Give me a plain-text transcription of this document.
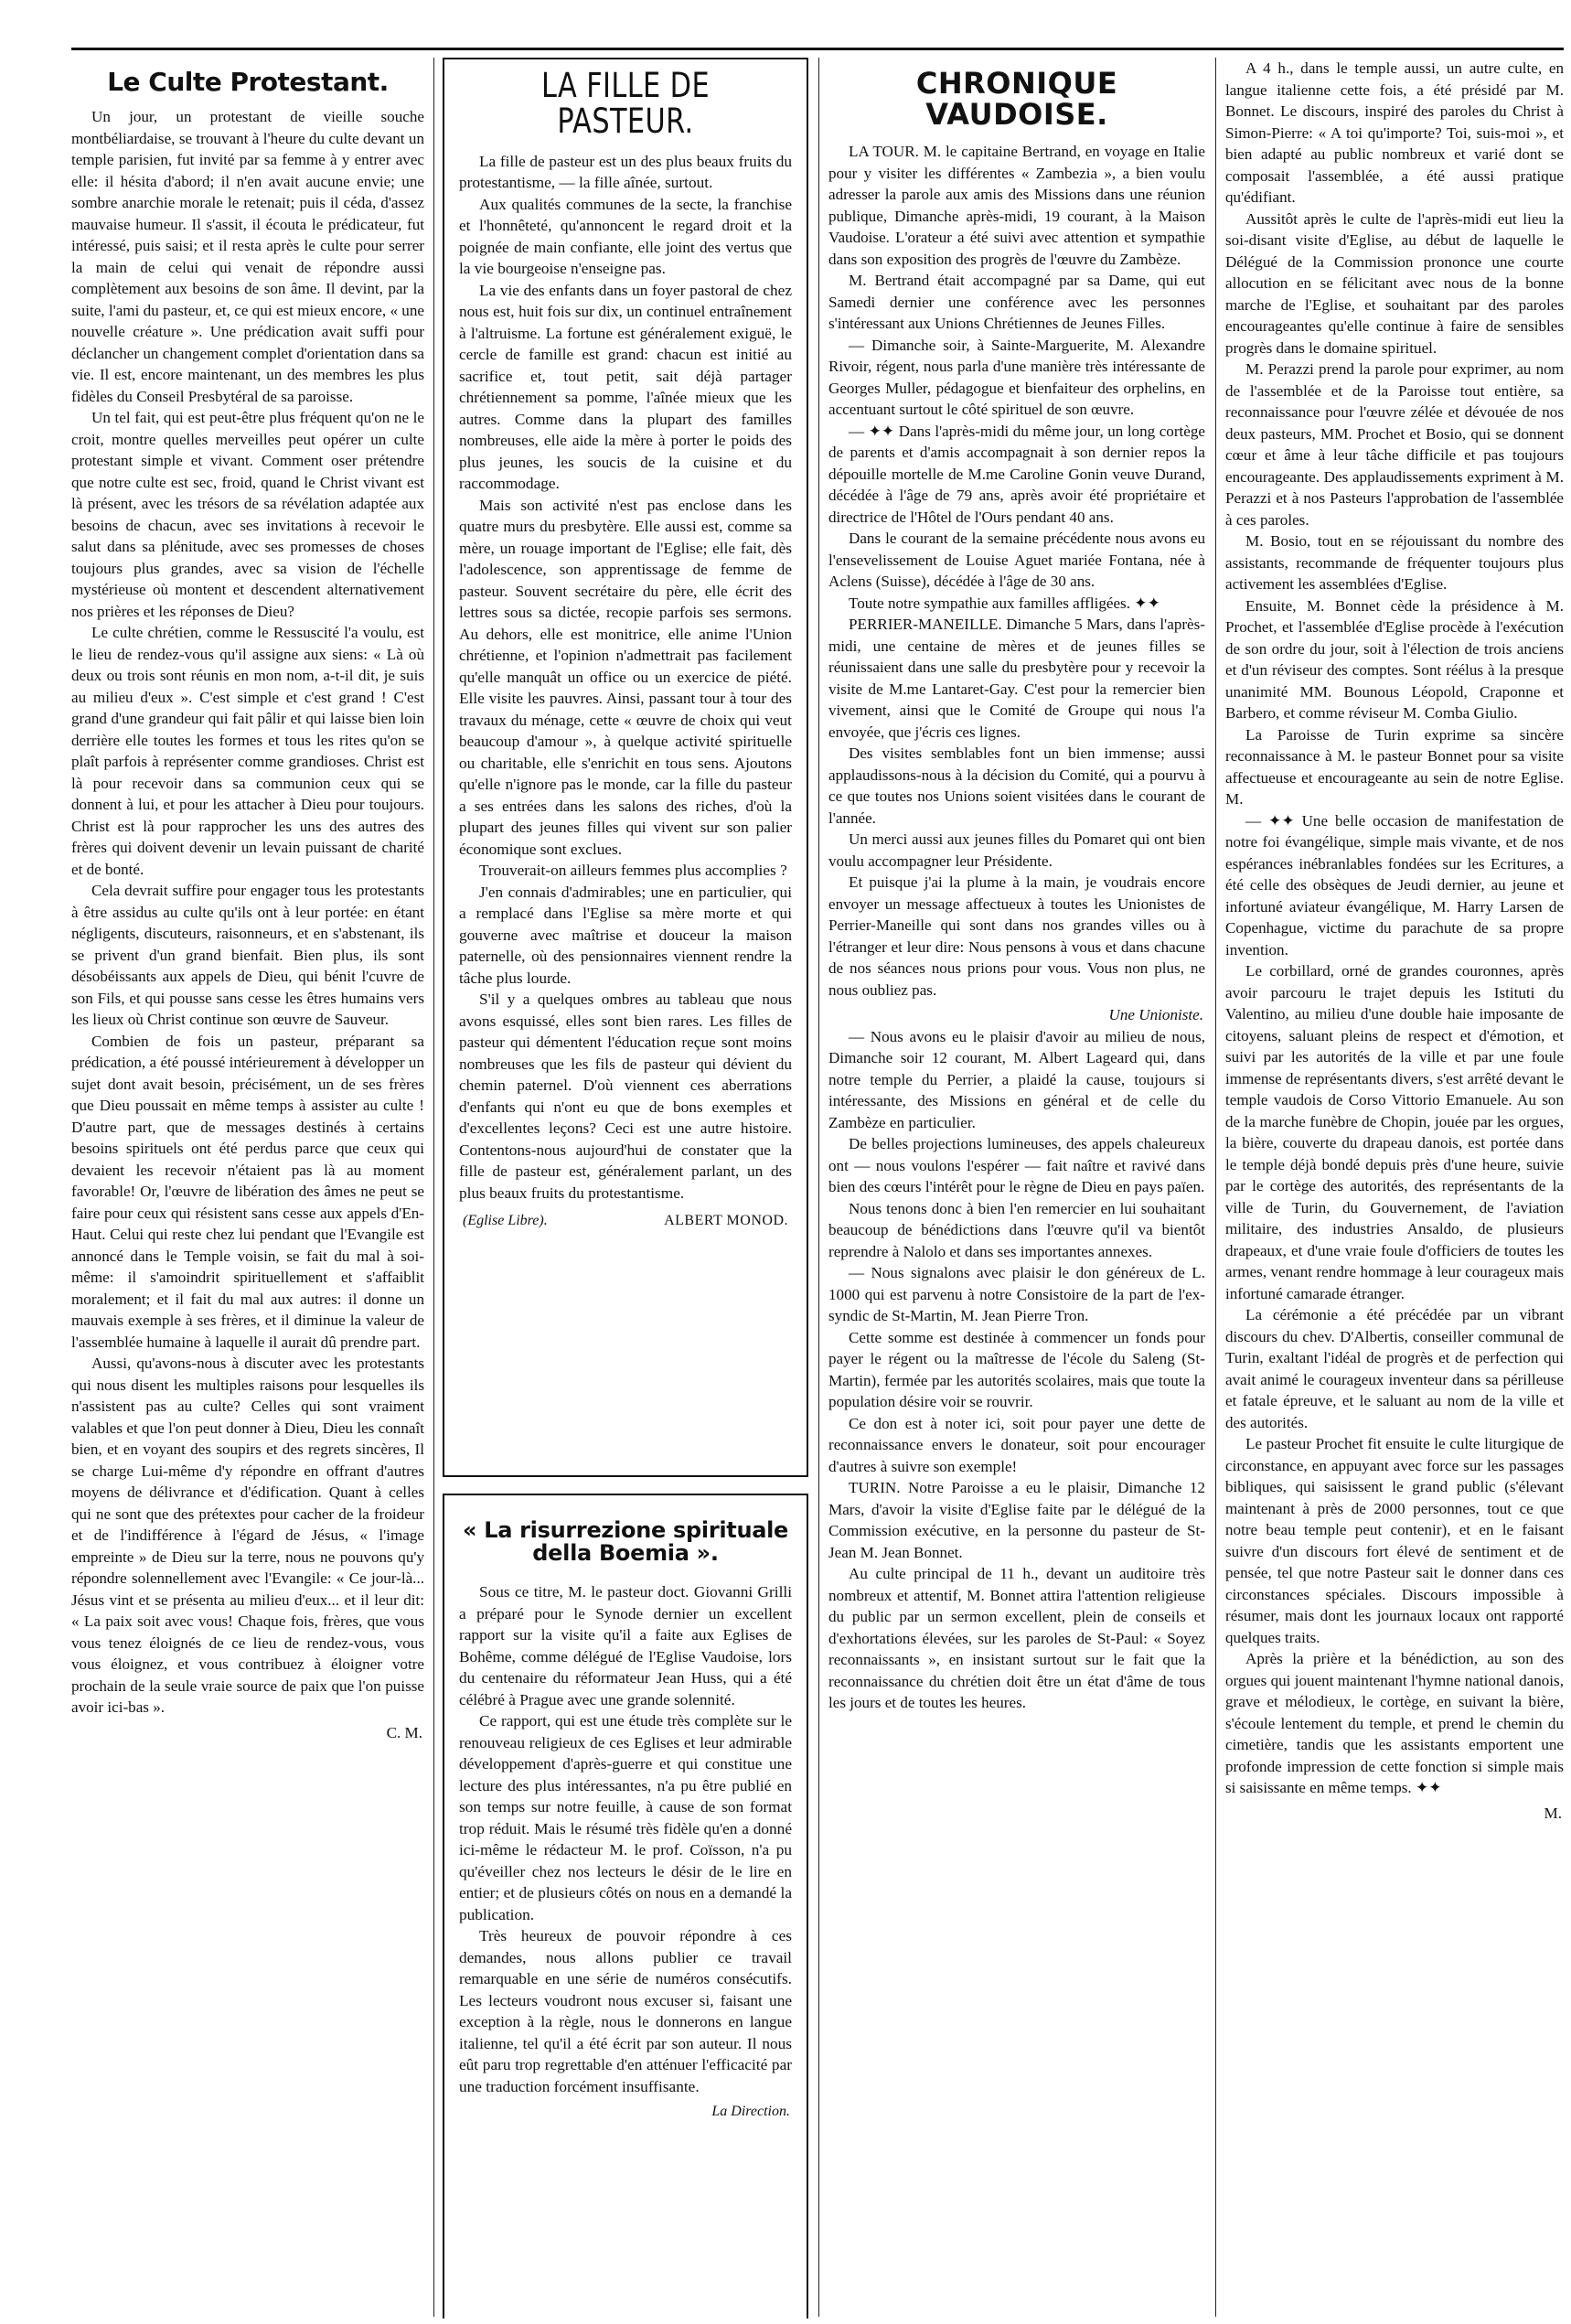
Le Culte Protestant.

Un jour, un protestant de vieille souche montbéliardaise, se trouvant à l'heure du culte devant un temple parisien, fut invité par sa femme à y entrer avec elle: il hésita d'abord; il n'en avait aucune envie; une sombre anarchie morale le retenait; puis il céda, d'assez mauvaise humeur. Il s'assit, il écouta le prédicateur, fut intéressé, puis saisi; et il resta après le culte pour serrer la main de celui qui venait de répondre aussi complètement aux besoins de son âme. Il devint, par la suite, l'ami du pasteur, et, ce qui est mieux encore, « une nouvelle créature ». Une prédication avait suffi pour déclancher un changement complet d'orientation dans sa vie. Il est, encore maintenant, un des membres les plus fidèles du Conseil Presbytéral de sa paroisse.

Un tel fait, qui est peut-être plus fréquent qu'on ne le croit, montre quelles merveilles peut opérer un culte protestant simple et vivant. Comment oser prétendre que notre culte est sec, froid, quand le Christ vivant est là présent, avec les trésors de sa révélation adaptée aux besoins de chacun, avec ses invitations à recevoir le salut dans sa plénitude, avec ses promesses de choses toujours plus grandes, avec sa vision de l'échelle mystérieuse où montent et descendent alternativement nos prières et les réponses de Dieu?

Le culte chrétien, comme le Ressuscité l'a voulu, est le lieu de rendez-vous qu'il assigne aux siens: « Là où deux ou trois sont réunis en mon nom, a-t-il dit, je suis au milieu d'eux ». C'est simple et c'est grand ! C'est grand d'une grandeur qui fait pâlir et qui laisse bien loin derrière elle toutes les formes et tous les rites qu'on se plaît parfois à représenter comme grandioses. Christ est là pour recevoir dans sa communion ceux qui se donnent à lui, et pour les attacher à Dieu pour toujours. Christ est là pour rapprocher les uns des autres des frères qui doivent devenir un levain puissant de charité et de bonté.

Cela devrait suffire pour engager tous les protestants à être assidus au culte qu'ils ont à leur portée: en étant négligents, discuteurs, raisonneurs, et en s'abstenant, ils se privent d'un grand bienfait. Bien plus, ils sont désobéissants aux appels de Dieu, qui bénit l'cuvre de son Fils, et qui pousse sans cesse les êtres humains vers les lieux où Christ continue son œuvre de Sauveur.

Combien de fois un pasteur, préparant sa prédication, a été poussé intérieurement à développer un sujet dont avait besoin, précisément, un de ses frères que Dieu poussait en même temps à assister au culte ! D'autre part, que de messages destinés à certains besoins spirituels ont été perdus parce que ceux qui devaient les recevoir n'étaient pas là au moment favorable! Or, l'œuvre de libération des âmes ne peut se faire pour ceux qui résistent sans cesse aux appels d'En-Haut. Celui qui reste chez lui pendant que l'Evangile est annoncé dans le Temple voisin, se fait du mal à soi-même: il s'amoindrit spirituellement et s'affaiblit moralement; et il fait du mal aux autres: il donne un mauvais exemple à ses frères, et il diminue la valeur de l'assemblée humaine à laquelle il aurait dû prendre part.

Aussi, qu'avons-nous à discuter avec les protestants qui nous disent les multiples raisons pour lesquelles ils n'assistent pas au culte? Celles qui sont vraiment valables et que l'on peut donner à Dieu, Dieu les connaît bien, et en voyant des soupirs et des regrets sincères, Il se charge Lui-même d'y répondre en offrant d'autres moyens de délivrance et d'édification. Quant à celles qui ne sont que des prétextes pour cacher de la froideur et de l'indifférence à l'égard de Jésus, « l'image empreinte » de Dieu sur la terre, nous ne pouvons qu'y répondre solennellement avec l'Evangile: « Ce jour-là... Jésus vint et se présenta au milieu d'eux... et il leur dit: « La paix soit avec vous! Chaque fois, frères, que vous vous tenez éloignés de ce lieu de rendez-vous, vous vous éloignez, et vous contribuez à éloigner votre prochain de la seule vraie source de paix que l'on puisse avoir ici-bas ».

C. M.

LA FILLE DE PASTEUR.

La fille de pasteur est un des plus beaux fruits du protestantisme, — la fille aînée, surtout.

Aux qualités communes de la secte, la franchise et l'honnêteté, qu'annoncent le regard droit et la poignée de main confiante, elle joint des vertus que la vie bourgeoise n'enseigne pas.

La vie des enfants dans un foyer pastoral de chez nous est, huit fois sur dix, un continuel entraînement à l'altruisme. La fortune est généralement exiguë, le cercle de famille est grand: chacun est initié au sacrifice et, tout petit, sait déjà partager chrétiennement sa pomme, l'aînée mieux que les autres. Comme dans la plupart des familles nombreuses, elle aide la mère à porter le poids des plus jeunes, les soucis de la cuisine et du raccommodage.

Mais son activité n'est pas enclose dans les quatre murs du presbytère. Elle aussi est, comme sa mère, un rouage important de l'Eglise; elle fait, dès l'adolescence, son apprentissage de femme de pasteur. Souvent secrétaire du père, elle écrit des lettres sous sa dictée, recopie parfois ses sermons. Au dehors, elle est monitrice, elle anime l'Union chrétienne, et l'opinion n'admettrait pas facilement qu'elle manquât un office ou un exercice de piété. Elle visite les pauvres. Ainsi, passant tour à tour des travaux du ménage, cette « œuvre de choix qui veut beaucoup d'amour », à quelque activité spirituelle ou charitable, elle s'enrichit en tous sens. Ajoutons qu'elle n'ignore pas le monde, car la fille du pasteur a ses entrées dans les salons des riches, d'où la plupart des jeunes filles qui vivent sur son palier économique sont exclues.

Trouverait-on ailleurs femmes plus accomplies ?

J'en connais d'admirables; une en particulier, qui a remplacé dans l'Eglise sa mère morte et qui gouverne avec maîtrise et douceur la maison paternelle, où des pensionnaires viennent rendre la tâche plus lourde.

S'il y a quelques ombres au tableau que nous avons esquissé, elles sont bien rares. Les filles de pasteur qui démentent l'éducation reçue sont moins nombreuses que les fils de pasteur qui dévient du chemin paternel. D'où viennent ces aberrations d'enfants qui n'ont eu que de bons exemples et d'excellentes leçons? Ceci est une autre histoire. Contentons-nous aujourd'hui de constater que la fille de pasteur est, généralement parlant, un des plus beaux fruits du protestantisme.

(Eglise Libre).	ALBERT MONOD.
« La risurrezione spirituale della Boemia ».

Sous ce titre, M. le pasteur doct. Giovanni Grilli a préparé pour le Synode dernier un excellent rapport sur la visite qu'il a faite aux Eglises de Bohême, comme délégué de l'Eglise Vaudoise, lors du centenaire du réformateur Jean Huss, qui a été célébré à Prague avec une grande solennité.

Ce rapport, qui est une étude très complète sur le renouveau religieux de ces Eglises et leur admirable développement d'après-guerre et qui constitue une lecture des plus intéressantes, n'a pu être publié en son temps sur notre feuille, à cause de son format trop réduit. Mais le résumé très fidèle qu'en a donné ici-même le rédacteur M. le prof. Coïsson, n'a pu qu'éveiller chez nos lecteurs le désir de le lire en entier; et de plusieurs côtés on nous en a demandé la publication.

Très heureux de pouvoir répondre à ces demandes, nous allons publier ce travail remarquable en une série de numéros consécutifs. Les lecteurs voudront nous excuser si, faisant une exception à la règle, nous le donnerons en langue italienne, tel qu'il a été écrit par son auteur. Il nous eût paru trop regrettable d'en atténuer l'efficacité par une traduction forcément insuffisante.

La Direction.

CHRONIQUE VAUDOISE.

LA TOUR. M. le capitaine Bertrand, en voyage en Italie pour y visiter les différentes « Zambezia », a bien voulu adresser la parole aux amis des Missions dans une réunion publique, Dimanche après-midi, 19 courant, à la Maison Vaudoise. L'orateur a été suivi avec attention et sympathie dans son exposition des progrès de l'œuvre du Zambèze.

M. Bertrand était accompagné par sa Dame, qui eut Samedi dernier une conférence avec les personnes s'intéressant aux Unions Chrétiennes de Jeunes Filles.

— Dimanche soir, à Sainte-Marguerite, M. Alexandre Rivoir, régent, nous parla d'une manière très intéressante de Georges Muller, pédagogue et bienfaiteur des orphelins, en accentuant surtout le côté spirituel de son œuvre.

— ✦✦ Dans l'après-midi du même jour, un long cortège de parents et d'amis accompagnait à son dernier repos la dépouille mortelle de M.me Caroline Gonin veuve Durand, décédée à l'âge de 79 ans, après avoir été propriétaire et directrice de l'Hôtel de l'Ours pendant 40 ans.

Dans le courant de la semaine précédente nous avons eu l'ensevelissement de Louise Aguet mariée Fontana, née à Aclens (Suisse), décédée à l'âge de 30 ans.

Toute notre sympathie aux familles affligées. ✦✦

PERRIER-MANEILLE. Dimanche 5 Mars, dans l'après-midi, une centaine de mères et de jeunes filles se réunissaient dans une salle du presbytère pour y recevoir la visite de M.me Lantaret-Gay. C'est pour la remercier bien vivement, ainsi que le Comité de Groupe qui nous l'a envoyée, que j'écris ces lignes.

Des visites semblables font un bien immense; aussi applaudissons-nous à la décision du Comité, qui a pourvu à ce que toutes nos Unions soient visitées dans le courant de l'année.

Un merci aussi aux jeunes filles du Pomaret qui ont bien voulu accompagner leur Présidente.

Et puisque j'ai la plume à la main, je voudrais encore envoyer un message affectueux à toutes les Unionistes de Perrier-Maneille qui sont dans nos grandes villes ou à l'étranger et leur dire: Nous pensons à vous et dans chacune de nos séances nous prions pour vous. Vous non plus, ne nous oubliez pas.

Une Unioniste.

— Nous avons eu le plaisir d'avoir au milieu de nous, Dimanche soir 12 courant, M. Albert Lageard qui, dans notre temple du Perrier, a plaidé la cause, toujours si intéressante, des Missions en général et de celle du Zambèze en particulier.

De belles projections lumineuses, des appels chaleureux ont — nous voulons l'espérer — fait naître et ravivé dans bien des cœurs l'intérêt pour le règne de Dieu en pays païen.

Nous tenons donc à bien l'en remercier en lui souhaitant beaucoup de bénédictions dans l'œuvre qu'il va bientôt reprendre à Nalolo et dans ses importantes annexes.

— Nous signalons avec plaisir le don généreux de L. 1000 qui est parvenu à notre Consistoire de la part de l'ex-syndic de St-Martin, M. Jean Pierre Tron.

Cette somme est destinée à commencer un fonds pour payer le régent ou la maîtresse de l'école du Saleng (St-Martin), fermée par les autorités scolaires, mais que toute la population désire voir se rouvrir.

Ce don est à noter ici, soit pour payer une dette de reconnaissance envers le donateur, soit pour encourager d'autres à suivre son exemple!

TURIN. Notre Paroisse a eu le plaisir, Dimanche 12 Mars, d'avoir la visite d'Eglise faite par le délégué de la Commission exécutive, en la personne du pasteur de St-Jean M. Jean Bonnet.

Au culte principal de 11 h., devant un auditoire très nombreux et attentif, M. Bonnet attira l'attention religieuse du public par un sermon excellent, plein de conseils et d'exhortations élevées, sur les paroles de St-Paul: « Soyez reconnaissants », en insistant surtout sur le fait que la reconnaissance du chrétien doit être un état d'âme de tous les jours et de toutes les heures.

A 4 h., dans le temple aussi, un autre culte, en langue italienne cette fois, a été présidé par M. Bonnet. Le discours, inspiré des paroles du Christ à Simon-Pierre: « A toi qu'importe? Toi, suis-moi », et bien adapté au public nombreux et varié dont se composait l'assemblée, a été aussi pratique qu'édifiant.

Aussitôt après le culte de l'après-midi eut lieu la soi-disant visite d'Eglise, au début de laquelle le Délégué de la Commission prononce une courte allocution en se félicitant avec nous de la bonne marche de l'Eglise, et souhaitant par des paroles encourageantes qu'elle continue à faire de sensibles progrès dans le domaine spirituel.

M. Perazzi prend la parole pour exprimer, au nom de l'assemblée et de la Paroisse tout entière, sa reconnaissance pour l'œuvre zélée et dévouée de nos deux pasteurs, MM. Prochet et Bosio, qui se donnent cœur et âme à leur tâche difficile et pas toujours encourageante. Des applaudissements expriment à M. Perazzi et à nos Pasteurs l'approbation de l'assemblée à ces paroles.

M. Bosio, tout en se réjouissant du nombre des assistants, recommande de fréquenter toujours plus activement les assemblées d'Eglise.

Ensuite, M. Bonnet cède la présidence à M. Prochet, et l'assemblée d'Eglise procède à l'exécution de son ordre du jour, soit à l'élection de trois anciens et d'un réviseur des comptes. Sont réélus à la presque unanimité MM. Bounous Léopold, Craponne et Barbero, et comme réviseur M. Comba Giulio.

La Paroisse de Turin exprime sa sincère reconnaissance à M. le pasteur Bonnet pour sa visite affectueuse et encourageante au sein de notre Eglise. M.

— ✦✦ Une belle occasion de manifestation de notre foi évangélique, simple mais vivante, et de nos espérances inébranlables fondées sur les Ecritures, a été celle des obsèques de Jeudi dernier, au jeune et infortuné aviateur évangélique, M. Harry Larsen de Copenhague, victime du parachute de sa propre invention.

Le corbillard, orné de grandes couronnes, après avoir parcouru le trajet depuis les Istituti du Valentino, au milieu d'une double haie imposante de citoyens, saluant pleins de respect et d'émotion, et suivi par les autorités de la ville et par une foule immense de représentants divers, s'est arrêté devant le temple vaudois de Corso Vittorio Emanuele. Au son de la marche funèbre de Chopin, jouée par les orgues, la bière, couverte du drapeau danois, est portée dans le temple déjà bondé depuis près d'une heure, suivie par le cortège des autorités, des représentants de la ville de Turin, du Gouvernement, de l'aviation militaire, des industries Ansaldo, de plusieurs drapeaux, et d'une vraie foule d'officiers de toutes les armes, venant rendre hommage à leur courageux mais infortuné camarade étranger.

La cérémonie a été précédée par un vibrant discours du chev. D'Albertis, conseiller communal de Turin, exaltant l'idéal de progrès et de perfection qui avait animé le courageux inventeur dans sa périlleuse et fatale épreuve, et le saluant au nom de la ville et des autorités.

Le pasteur Prochet fit ensuite le culte liturgique de circonstance, en appuyant avec force sur les passages bibliques, qui saisissent le grand public (s'élevant maintenant à près de 2000 personnes, tout ce que notre beau temple peut contenir), et en le faisant suivre d'un discours fort élevé de sentiment et de pensée, tel que notre Pasteur sait le donner dans ces circonstances spéciales. Discours impossible à résumer, mais dont les journaux locaux ont rapporté quelques traits.

Après la prière et la bénédiction, au son des orgues qui jouent maintenant l'hymne national danois, grave et mélodieux, le cortège, en suivant la bière, s'écoule lentement du temple, et prend le chemin du cimetière, tandis que les assistants emportent une profonde impression de cette fonction si simple mais si saisissante en même temps. ✦✦

M.
